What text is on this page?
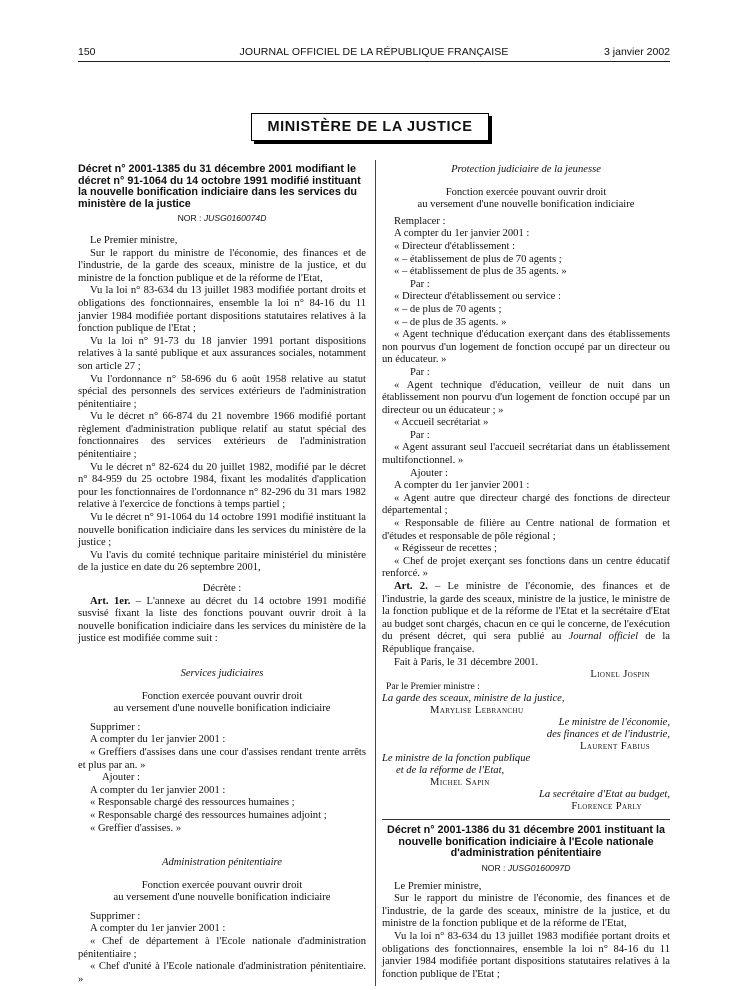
150	JOURNAL OFFICIEL DE LA RÉPUBLIQUE FRANÇAISE	3 janvier 2002
MINISTÈRE DE LA JUSTICE

Décret n° 2001-1385 du 31 décembre 2001 modifiant le décret n° 91-1064 du 14 octobre 1991 modifié instituant la nouvelle bonification indiciaire dans les services du ministère de la justice

NOR : JUSG0160074D

Le Premier ministre,

Sur le rapport du ministre de l'économie, des finances et de l'industrie, de la garde des sceaux, ministre de la justice, et du ministre de la fonction publique et de la réforme de l'Etat,

Vu la loi n° 83-634 du 13 juillet 1983 modifiée portant droits et obligations des fonctionnaires, ensemble la loi n° 84-16 du 11 janvier 1984 modifiée portant dispositions statutaires relatives à la fonction publique de l'Etat ;

Vu la loi n° 91-73 du 18 janvier 1991 portant dispositions relatives à la santé publique et aux assurances sociales, notamment son article 27 ;

Vu l'ordonnance n° 58-696 du 6 août 1958 relative au statut spécial des personnels des services extérieurs de l'administration pénitentiaire ;

Vu le décret n° 66-874 du 21 novembre 1966 modifié portant règlement d'administration publique relatif au statut spécial des fonctionnaires des services extérieurs de l'administration pénitentiaire ;

Vu le décret n° 82-624 du 20 juillet 1982, modifié par le décret n° 84-959 du 25 octobre 1984, fixant les modalités d'application pour les fonctionnaires de l'ordonnance n° 82-296 du 31 mars 1982 relative à l'exercice de fonctions à temps partiel ;

Vu le décret n° 91-1064 du 14 octobre 1991 modifié instituant la nouvelle bonification indiciaire dans les services du ministère de la justice ;

Vu l'avis du comité technique paritaire ministériel du ministère de la justice en date du 26 septembre 2001,

Décrète :

Art. 1er. – L'annexe au décret du 14 octobre 1991 modifié susvisé fixant la liste des fonctions pouvant ouvrir droit à la nouvelle bonification indiciaire dans les services du ministère de la justice est modifiée comme suit :

Services judiciaires

Fonction exercée pouvant ouvrir droit

au versement d'une nouvelle bonification indiciaire

Supprimer :

A compter du 1er janvier 2001 :

« Greffiers d'assises dans une cour d'assises rendant trente arrêts et plus par an. »

Ajouter :

A compter du 1er janvier 2001 :

« Responsable chargé des ressources humaines ;

« Responsable chargé des ressources humaines adjoint ;

« Greffier d'assises. »

Administration pénitentiaire

Fonction exercée pouvant ouvrir droit

au versement d'une nouvelle bonification indiciaire

Supprimer :

A compter du 1er janvier 2001 :

« Chef de département à l'Ecole nationale d'administration pénitentiaire ;

« Chef d'unité à l'Ecole nationale d'administration pénitentiaire. »

Protection judiciaire de la jeunesse

Fonction exercée pouvant ouvrir droit

au versement d'une nouvelle bonification indiciaire

Remplacer :

A compter du 1er janvier 2001 :

« Directeur d'établissement :

« – établissement de plus de 70 agents ;

« – établissement de plus de 35 agents. »

Par :

« Directeur d'établissement ou service :

« – de plus de 70 agents ;

« – de plus de 35 agents. »

« Agent technique d'éducation exerçant dans des établissements non pourvus d'un logement de fonction occupé par un directeur ou un éducateur. »

Par :

« Agent technique d'éducation, veilleur de nuit dans un établissement non pourvu d'un logement de fonction occupé par un directeur ou un éducateur ; »

« Accueil secrétariat »

Par :

« Agent assurant seul l'accueil secrétariat dans un établissement multifonctionnel. »

Ajouter :

A compter du 1er janvier 2001 :

« Agent autre que directeur chargé des fonctions de directeur départemental ;

« Responsable de filière au Centre national de formation et d'études et responsable de pôle régional ;

« Régisseur de recettes ;

« Chef de projet exerçant ses fonctions dans un centre éducatif renforcé. »

Art. 2. – Le ministre de l'économie, des finances et de l'industrie, la garde des sceaux, ministre de la justice, le ministre de la fonction publique et de la réforme de l'Etat et la secrétaire d'Etat au budget sont chargés, chacun en ce qui le concerne, de l'exécution du présent décret, qui sera publié au Journal officiel de la République française.

Fait à Paris, le 31 décembre 2001.

Lionel Jospin

Par le Premier ministre :

La garde des sceaux, ministre de la justice,

Marylise Lebranchu

Le ministre de l'économie,

des finances et de l'industrie,

Laurent Fabius

Le ministre de la fonction publique

et de la réforme de l'Etat,

Michel Sapin

La secrétaire d'Etat au budget,

Florence Parly

Décret n° 2001-1386 du 31 décembre 2001 instituant la nouvelle bonification indiciaire à l'Ecole nationale d'administration pénitentiaire

NOR : JUSG0160097D

Le Premier ministre,

Sur le rapport du ministre de l'économie, des finances et de l'industrie, de la garde des sceaux, ministre de la justice, et du ministre de la fonction publique et de la réforme de l'Etat,

Vu la loi n° 83-634 du 13 juillet 1983 modifiée portant droits et obligations des fonctionnaires, ensemble la loi n° 84-16 du 11 janvier 1984 modifiée portant dispositions statutaires relatives à la fonction publique de l'Etat ;
